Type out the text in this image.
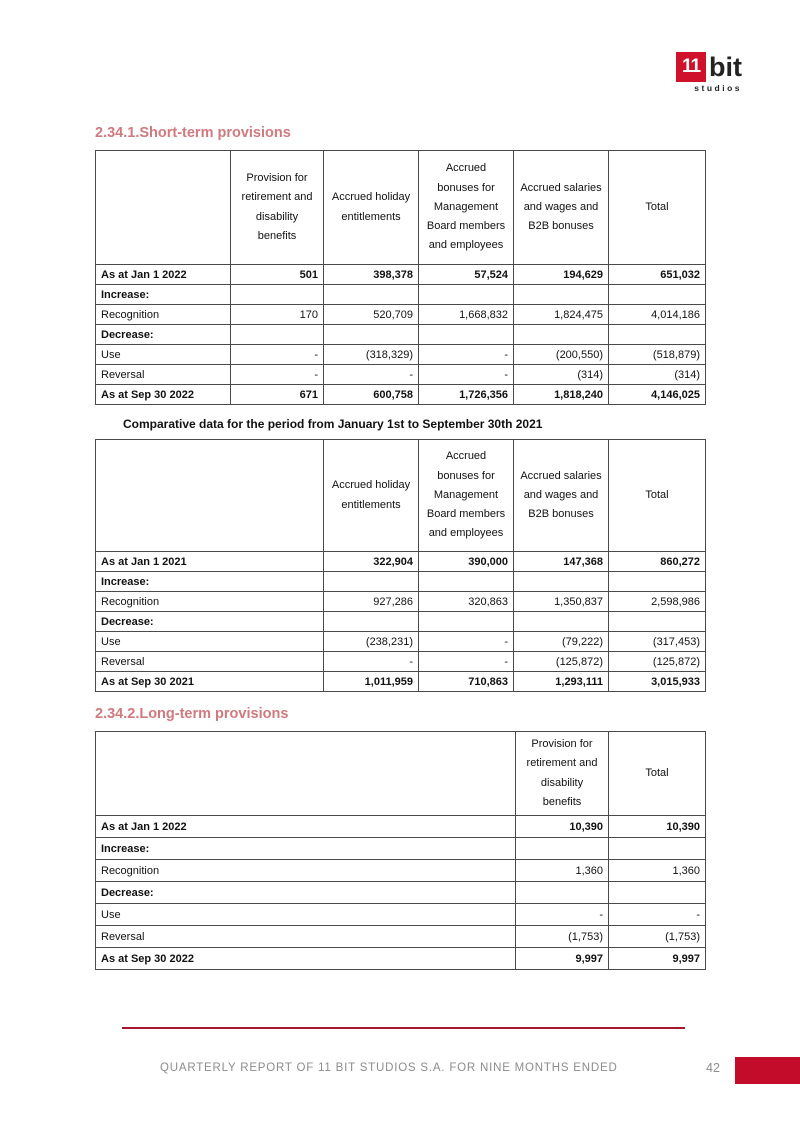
11 bit
studios
2.34.1.Short-term provisions
	Provision for retirement and disability benefits	Accrued holiday entitlements	Accrued bonuses for Management Board members and employees	Accrued salaries and wages and B2B bonuses	Total
As at Jan 1 2022	501	398,378	57,524	194,629	651,032
Increase:					
Recognition	170	520,709	1,668,832	1,824,475	4,014,186
Decrease:					
Use	-	(318,329)	-	(200,550)	(518,879)
Reversal	-	-	-	(314)	(314)
As at Sep 30 2022	671	600,758	1,726,356	1,818,240	4,146,025

Comparative data for the period from January 1st to September 30th 2021

	Accrued holiday entitlements	Accrued bonuses for Management Board members and employees	Accrued salaries and wages and B2B bonuses	Total
As at Jan 1 2021	322,904	390,000	147,368	860,272
Increase:				
Recognition	927,286	320,863	1,350,837	2,598,986
Decrease:				
Use	(238,231)	-	(79,222)	(317,453)
Reversal	-	-	(125,872)	(125,872)
As at Sep 30 2021	1,011,959	710,863	1,293,111	3,015,933
2.34.2.Long-term provisions
	Provision for retirement and disability benefits	Total
As at Jan 1 2022	10,390	10,390
Increase:		
Recognition	1,360	1,360
Decrease:		
Use	-	-
Reversal	(1,753)	(1,753)
As at Sep 30 2022	9,997	9,997
QUARTERLY REPORT OF 11 BIT STUDIOS S.A. FOR NINE MONTHS ENDED	42
